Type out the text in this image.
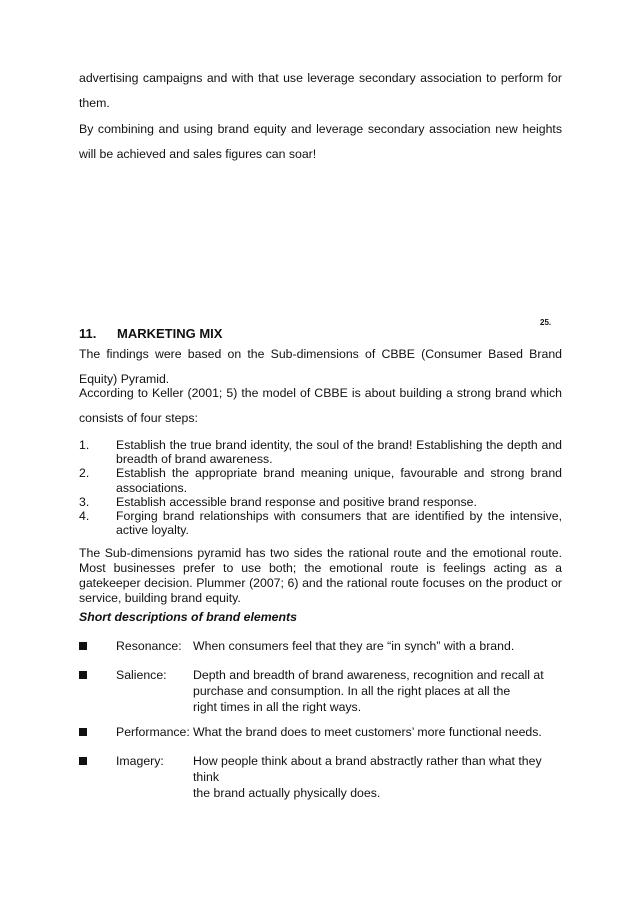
advertising campaigns and with that use leverage secondary association to perform for them.

By combining and using brand equity and leverage secondary association new heights will be achieved and sales figures can soar!

25.
11. MARKETING MIX

The findings were based on the Sub-dimensions of CBBE (Consumer Based Brand Equity) Pyramid.

According to Keller (2001; 5) the model of CBBE is about building a strong brand which consists of four steps:

1.	Establish the true brand identity, the soul of the brand! Establishing the depth and breadth of brand awareness.
2.	Establish the appropriate brand meaning unique, favourable and strong brand associations.
3.	Establish accessible brand response and positive brand response.
4.	Forging brand relationships with consumers that are identified by the intensive, active loyalty.

The Sub-dimensions pyramid has two sides the rational route and the emotional route. Most businesses prefer to use both; the emotional route is feelings acting as a gatekeeper decision. Plummer (2007; 6) and the rational route focuses on the product or service, building brand equity.

Short descriptions of brand elements
Resonance: When consumers feel that they are “in synch” with a brand.
Salience:	Depth and breadth of brand awareness, recognition and recall at
purchase and consumption. In all the right places at all the
right times in all the right ways.
Performance: What the brand does to meet customers’ more functional needs.
Imagery:	How people think about a brand abstractly rather than what they think
the brand actually physically does.
